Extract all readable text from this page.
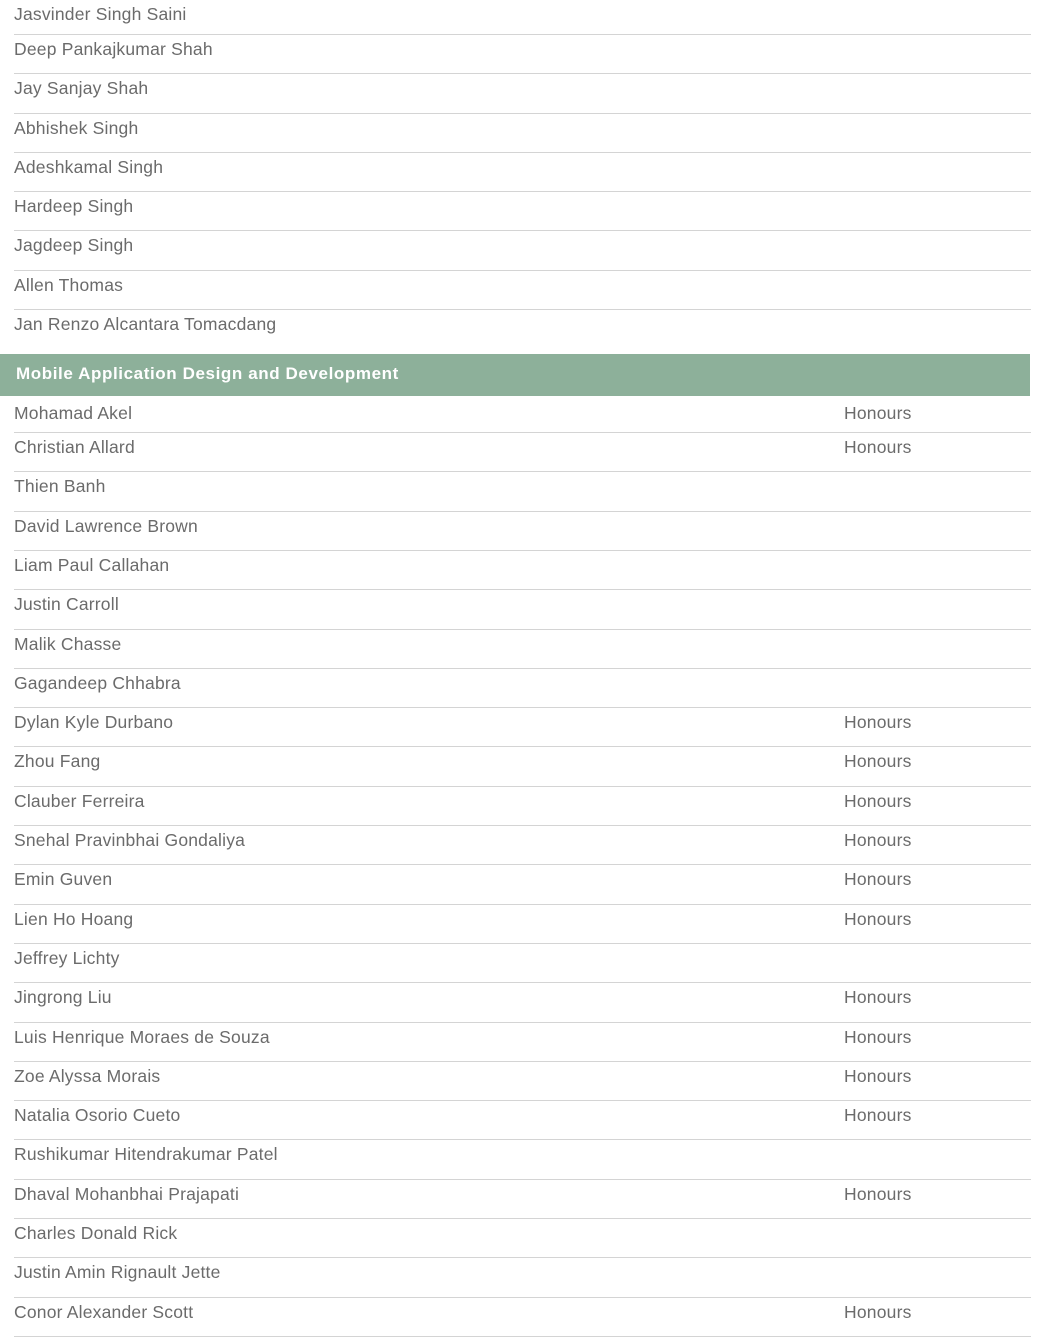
Jasvinder Singh Saini
Deep Pankajkumar Shah
Jay Sanjay Shah
Abhishek Singh
Adeshkamal Singh
Hardeep Singh
Jagdeep Singh
Allen Thomas
Jan Renzo Alcantara Tomacdang
Mobile Application Design and Development
Mohamad Akel	Honours
Christian Allard	Honours
Thien Banh
David Lawrence Brown
Liam Paul Callahan
Justin Carroll
Malik Chasse
Gagandeep Chhabra
Dylan Kyle Durbano	Honours
Zhou Fang	Honours
Clauber Ferreira	Honours
Snehal Pravinbhai Gondaliya	Honours
Emin Guven	Honours
Lien Ho Hoang	Honours
Jeffrey Lichty
Jingrong Liu	Honours
Luis Henrique Moraes de Souza	Honours
Zoe Alyssa Morais	Honours
Natalia Osorio Cueto	Honours
Rushikumar Hitendrakumar Patel
Dhaval Mohanbhai Prajapati	Honours
Charles Donald Rick
Justin Amin Rignault Jette
Conor Alexander Scott	Honours
